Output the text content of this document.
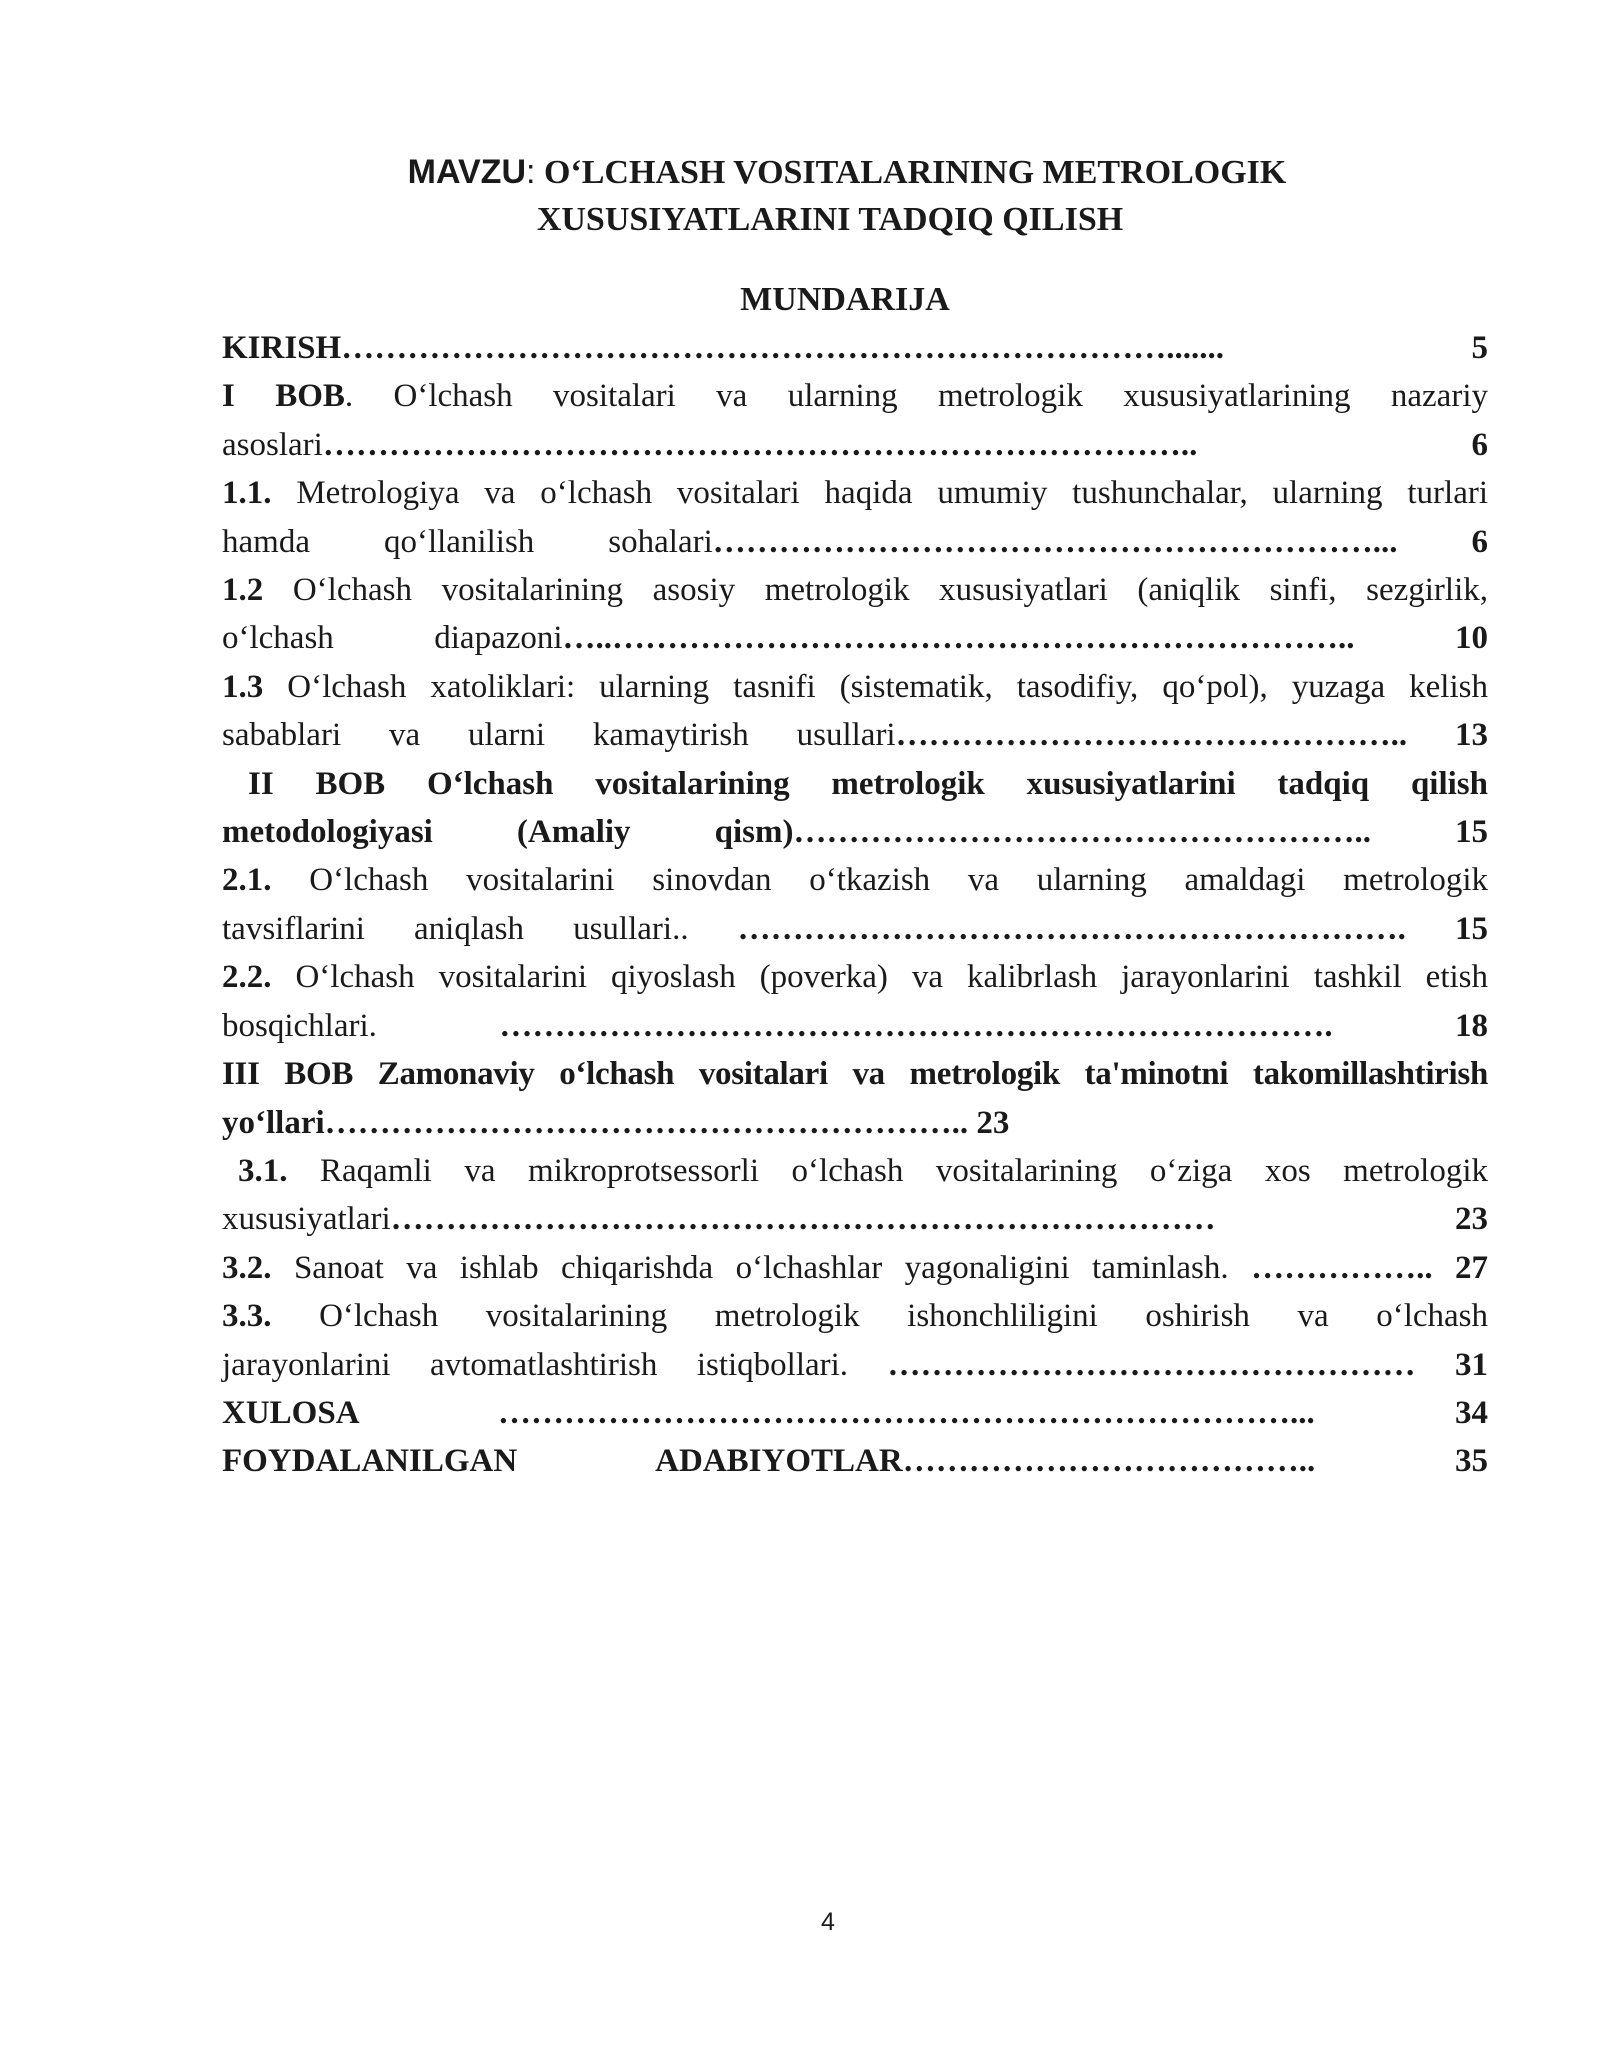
MAVZU: O‘LCHASH VOSITALARINING METROLOGIK
XUSUSIYATLARINI TADQIQ QILISH
MUNDARIJA

KIRISH…………………………………………………………………....... 5

I BOB. O‘lchash vositalari va ularning metrologik xususiyatlarining nazariy

asoslari…………………………………………………………………….. 6

1.1. Metrologiya va o‘lchash vositalari haqida umumiy tushunchalar, ularning turlari

hamda qo‘llanilish sohalari……………………………………………………... 6

1.2 O‘lchash vositalarining asosiy metrologik xususiyatlari (aniqlik sinfi, sezgirlik,

o‘lchash diapazoni…..………………………………………………………….. 10

1.3 O‘lchash xatoliklari: ularning tasnifi (sistematik, tasodifiy, qo‘pol), yuzaga kelish

sabablari va ularni kamaytirish usullari……………………………………….. 13

II BOB O‘lchash vositalarining metrologik xususiyatlarini tadqiq qilish

metodologiyasi (Amaliy qism)…………………………………………….. 15

2.1. O‘lchash vositalarini sinovdan o‘tkazish va ularning amaldagi metrologik

tavsiflarini aniqlash usullari.. ……………………………………………………. 15

2.2. O‘lchash vositalarini qiyoslash (poverka) va kalibrlash jarayonlarini tashkil etish

bosqichlari. …………………………………………………………………. 18

III BOB Zamonaviy o‘lchash vositalari va metrologik ta'minotni takomillashtirish

yo‘llari………………………………………………….. 23

3.1. Raqamli va mikroprotsessorli o‘lchash vositalarining o‘ziga xos metrologik

xususiyatlari………………………………………………………………… 23

3.2. Sanoat va ishlab chiqarishda o‘lchashlar yagonaligini taminlash. …………….. 27

3.3. O‘lchash vositalarining metrologik ishonchliligini oshirish va o‘lchash

jarayonlarini avtomatlashtirish istiqbollari. ………………………………………… 31

XULOSA ………………………………………………………………... 34

FOYDALANILGAN ADABIYOTLAR……………………………….. 35

4
